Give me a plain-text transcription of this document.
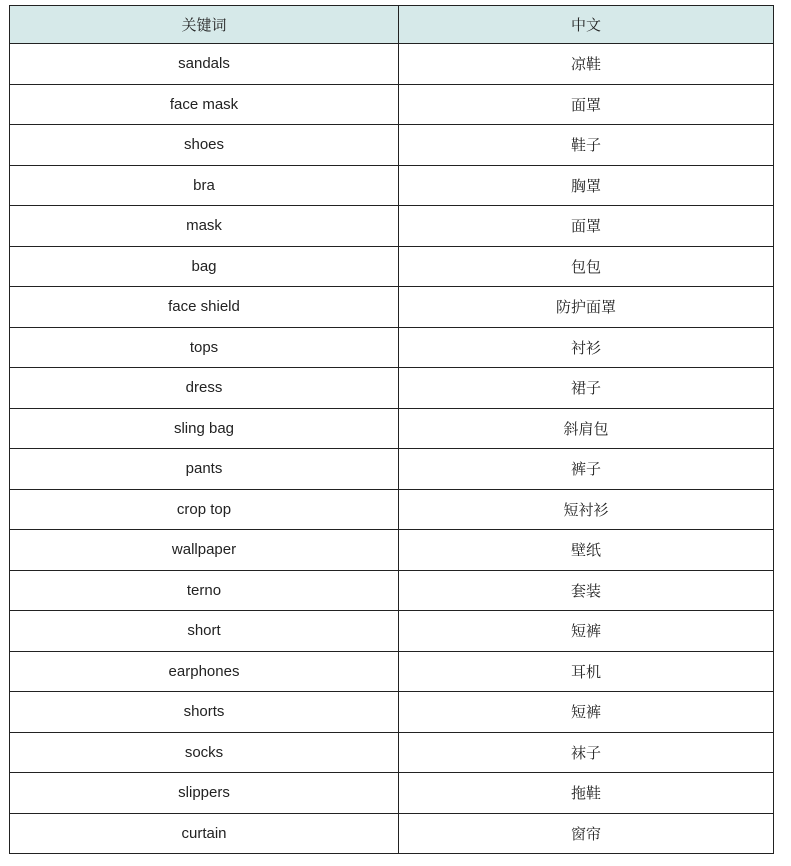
关键词	中文
sandals	凉鞋
face mask	面罩
shoes	鞋子
bra	胸罩
mask	面罩
bag	包包
face shield	防护面罩
tops	衬衫
dress	裙子
sling bag	斜肩包
pants	裤子
crop top	短衬衫
wallpaper	壁纸
terno	套装
short	短裤
earphones	耳机
shorts	短裤
socks	袜子
slippers	拖鞋
curtain	窗帘
